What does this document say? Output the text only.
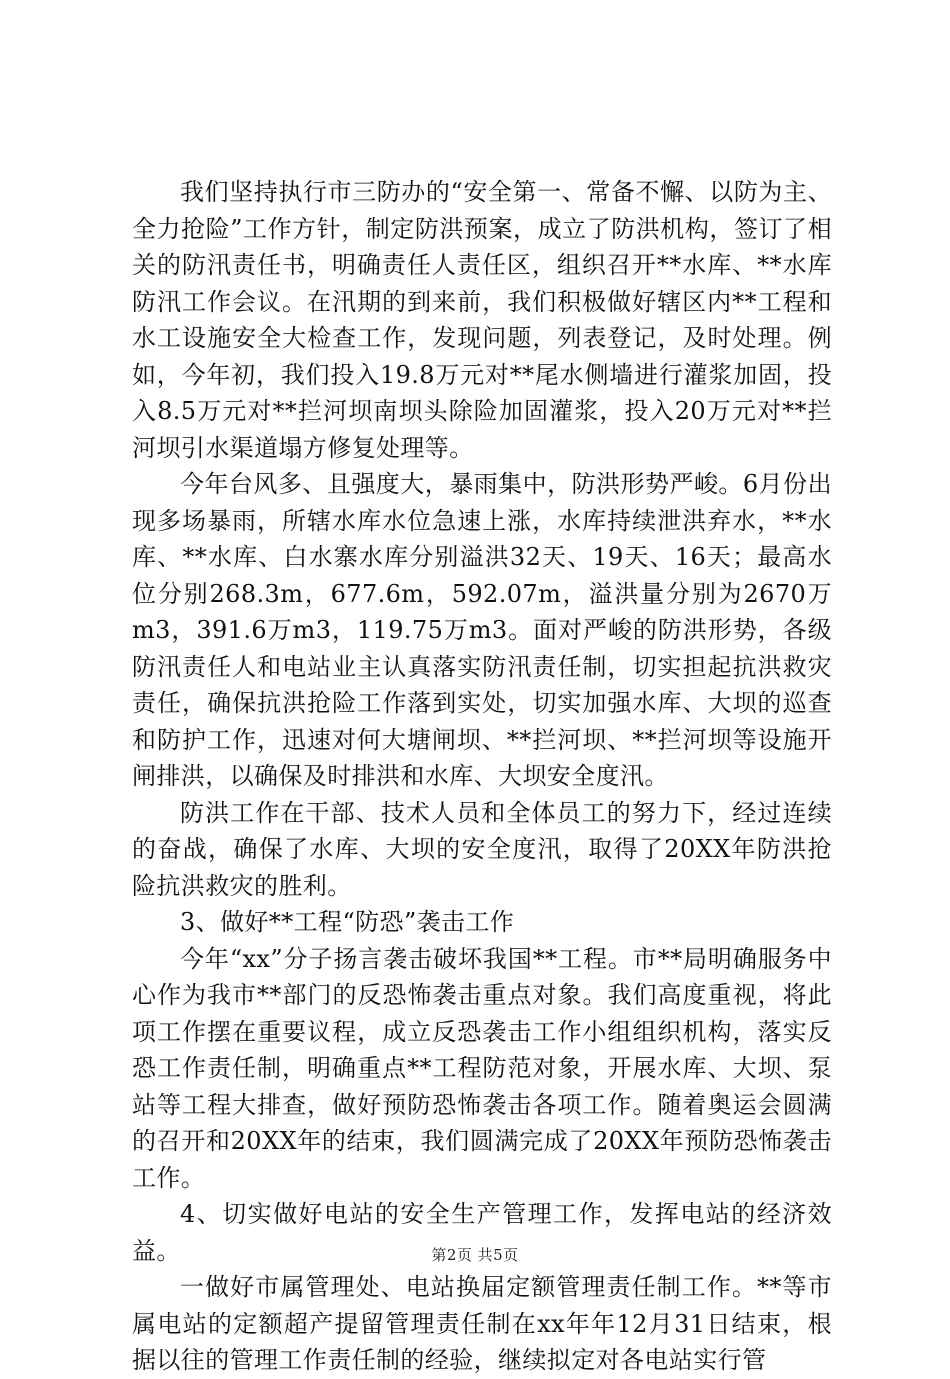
我们坚持执行市三防办的“安全第一、常备不懈、以防为主、全力抢险”工作方针，制定防洪预案，成立了防洪机构，签订了相关的防汛责任书，明确责任人责任区，组织召开**水库、**水库防汛工作会议。在汛期的到来前，我们积极做好辖区内**工程和水工设施安全大检查工作，发现问题，列表登记，及时处理。例如，今年初，我们投入19.8万元对**尾水侧墙进行灌浆加固，投入8.5万元对**拦河坝南坝头除险加固灌浆，投入20万元对**拦河坝引水渠道塌方修复处理等。

今年台风多、且强度大，暴雨集中，防洪形势严峻。6月份出现多场暴雨，所辖水库水位急速上涨，水库持续泄洪弃水，**水库、**水库、白水寨水库分别溢洪32天、19天、16天；最高水位分别268.3m，677.6m，592.07m，溢洪量分别为2670万m3，391.6万m3，119.75万m3。面对严峻的防洪形势，各级防汛责任人和电站业主认真落实防汛责任制，切实担起抗洪救灾责任，确保抗洪抢险工作落到实处，切实加强水库、大坝的巡查和防护工作，迅速对何大塘闸坝、**拦河坝、**拦河坝等设施开闸排洪，以确保及时排洪和水库、大坝安全度汛。

防洪工作在干部、技术人员和全体员工的努力下，经过连续的奋战，确保了水库、大坝的安全度汛，取得了20XX年防洪抢险抗洪救灾的胜利。

3、做好**工程“防恐”袭击工作

今年“xx”分子扬言袭击破坏我国**工程。市**局明确服务中心作为我市**部门的反恐怖袭击重点对象。我们高度重视，将此项工作摆在重要议程，成立反恐袭击工作小组组织机构，落实反恐工作责任制，明确重点**工程防范对象，开展水库、大坝、泵站等工程大排查，做好预防恐怖袭击各项工作。随着奥运会圆满的召开和20XX年的结束，我们圆满完成了20XX年预防恐怖袭击工作。

4、切实做好电站的安全生产管理工作，发挥电站的经济效益。

一做好市属管理处、电站换届定额管理责任制工作。**等市属电站的定额超产提留管理责任制在xx年年12月31日结束，根据以往的管理工作责任制的经验，继续拟定对各电站实行管

第2页 共5页
